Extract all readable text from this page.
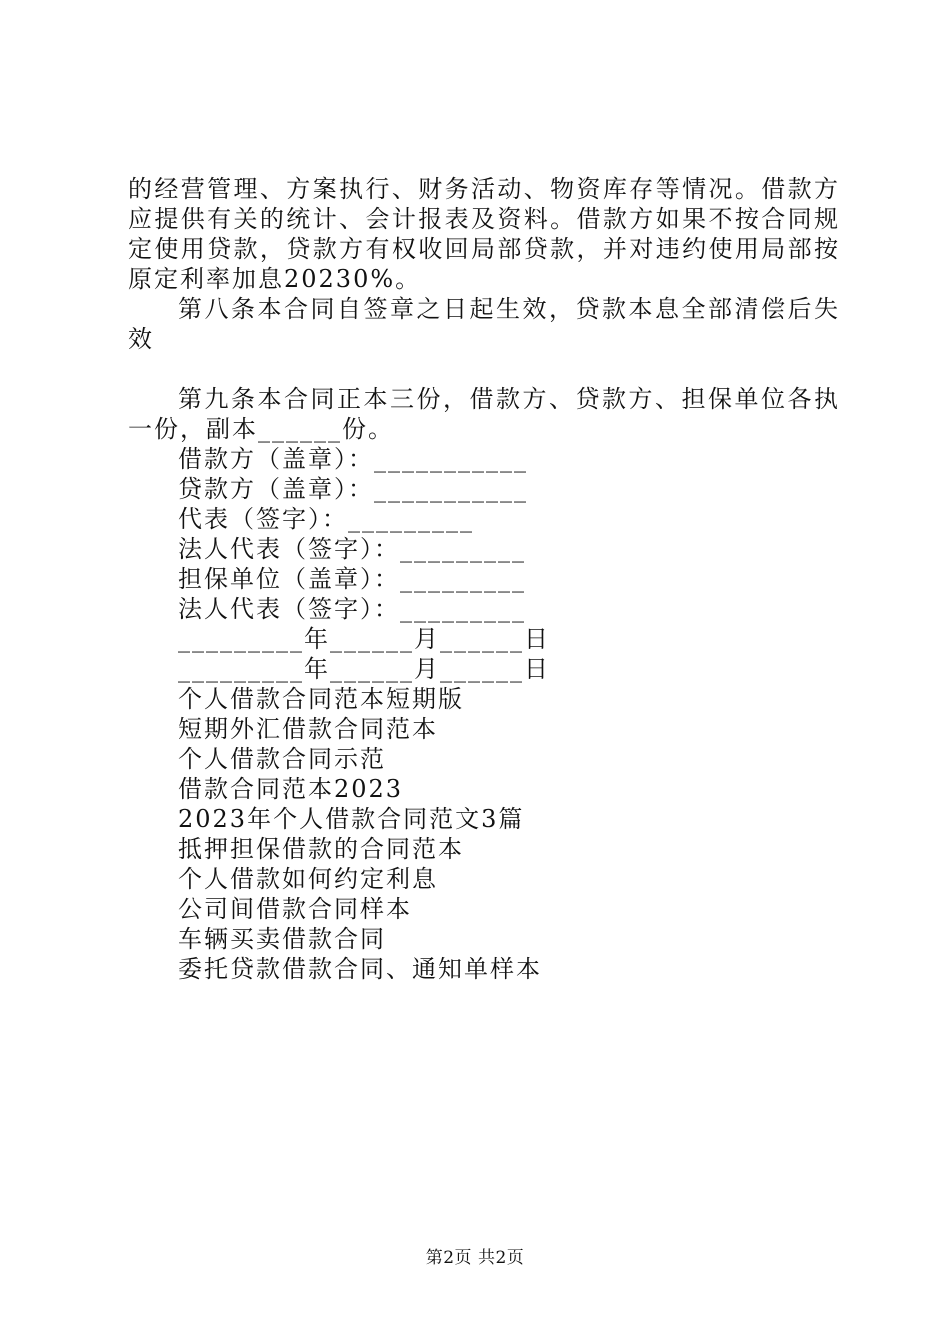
的经营管理、方案执行、财务活动、物资库存等情况。借款方应提供有关的统计、会计报表及资料。借款方如果不按合同规定使用贷款，贷款方有权收回局部贷款，并对违约使用局部按原定利率加息20230%。

第八条本合同自签章之日起生效，贷款本息全部清偿后失效

第九条本合同正本三份，借款方、贷款方、担保单位各执一份，副本______份。

借款方（盖章）：___________

贷款方（盖章）：___________

代表（签字）：_________

法人代表（签字）：_________

担保单位（盖章）：_________

法人代表（签字）：_________

_________年______月______日

_________年______月______日

个人借款合同范本短期版

短期外汇借款合同范本

个人借款合同示范

借款合同范本2023

2023年个人借款合同范文3篇

抵押担保借款的合同范本

个人借款如何约定利息

公司间借款合同样本

车辆买卖借款合同

委托贷款借款合同、通知单样本

第2页 共2页
